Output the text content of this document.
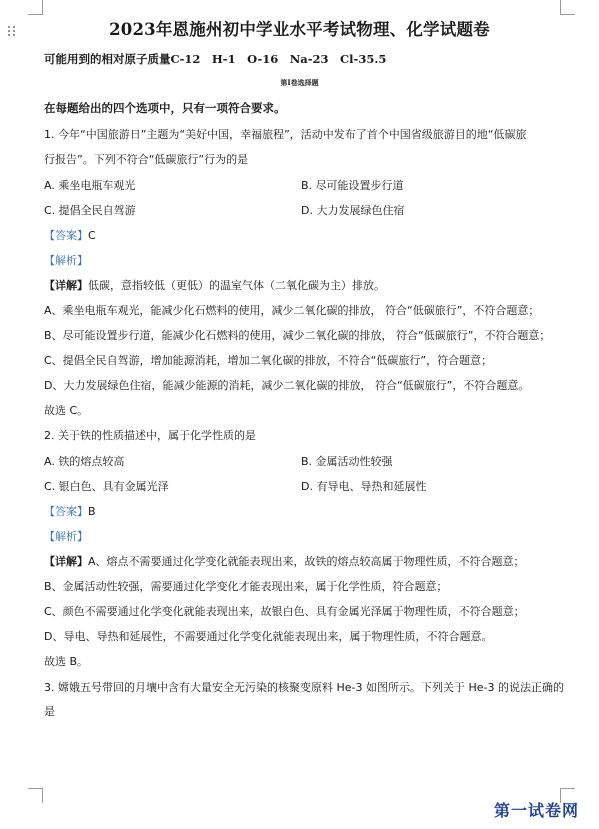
2023年恩施州初中学业水平考试物理、化学试题卷
可能用到的相对原子质量C-12　H-1　O-16　Na-23　Cl-35.5
第Ⅰ卷选择题
在每题给出的四个选项中，只有一项符合要求。
1. 今年“中国旅游日”主题为“美好中国，幸福旅程”，活动中发布了首个中国省级旅游目的地“低碳旅
行报告”。下列不符合“低碳旅行”行为的是
A. 乘坐电瓶车观光	B. 尽可能设置步行道
C. 提倡全民自驾游	D. 大力发展绿色住宿
【答案】C
【解析】
【详解】低碳，意指较低（更低）的温室气体（二氧化碳为主）排放。
A、乘坐电瓶车观光，能减少化石燃料的使用，减少二氧化碳的排放， 符合“低碳旅行”，不符合题意；
B、尽可能设置步行道，能减少化石燃料的使用，减少二氧化碳的排放， 符合“低碳旅行”，不符合题意；
C、提倡全民自驾游，增加能源消耗，增加二氧化碳的排放，不符合“低碳旅行”，符合题意；
D、大力发展绿色住宿，能减少能源的消耗，减少二氧化碳的排放， 符合“低碳旅行”，不符合题意。
故选 C。
2. 关于铁的性质描述中，属于化学性质的是
A. 铁的熔点较高	B. 金属活动性较强
C. 银白色、具有金属光泽	D. 有导电、导热和延展性
【答案】B
【解析】
【详解】A、熔点不需要通过化学变化就能表现出来，故铁的熔点较高属于物理性质，不符合题意；
B、金属活动性较强，需要通过化学变化才能表现出来，属于化学性质，符合题意；
C、颜色不需要通过化学变化就能表现出来，故银白色、具有金属光泽属于物理性质，不符合题意；
D、导电、导热和延展性，不需要通过化学变化就能表现出来，属于物理性质，不符合题意。
故选 B。
3. 嫦娥五号带回的月壤中含有大量安全无污染的核聚变原料 He-3 如图所示。下列关于 He-3 的说法正确的
是
第一试卷网
